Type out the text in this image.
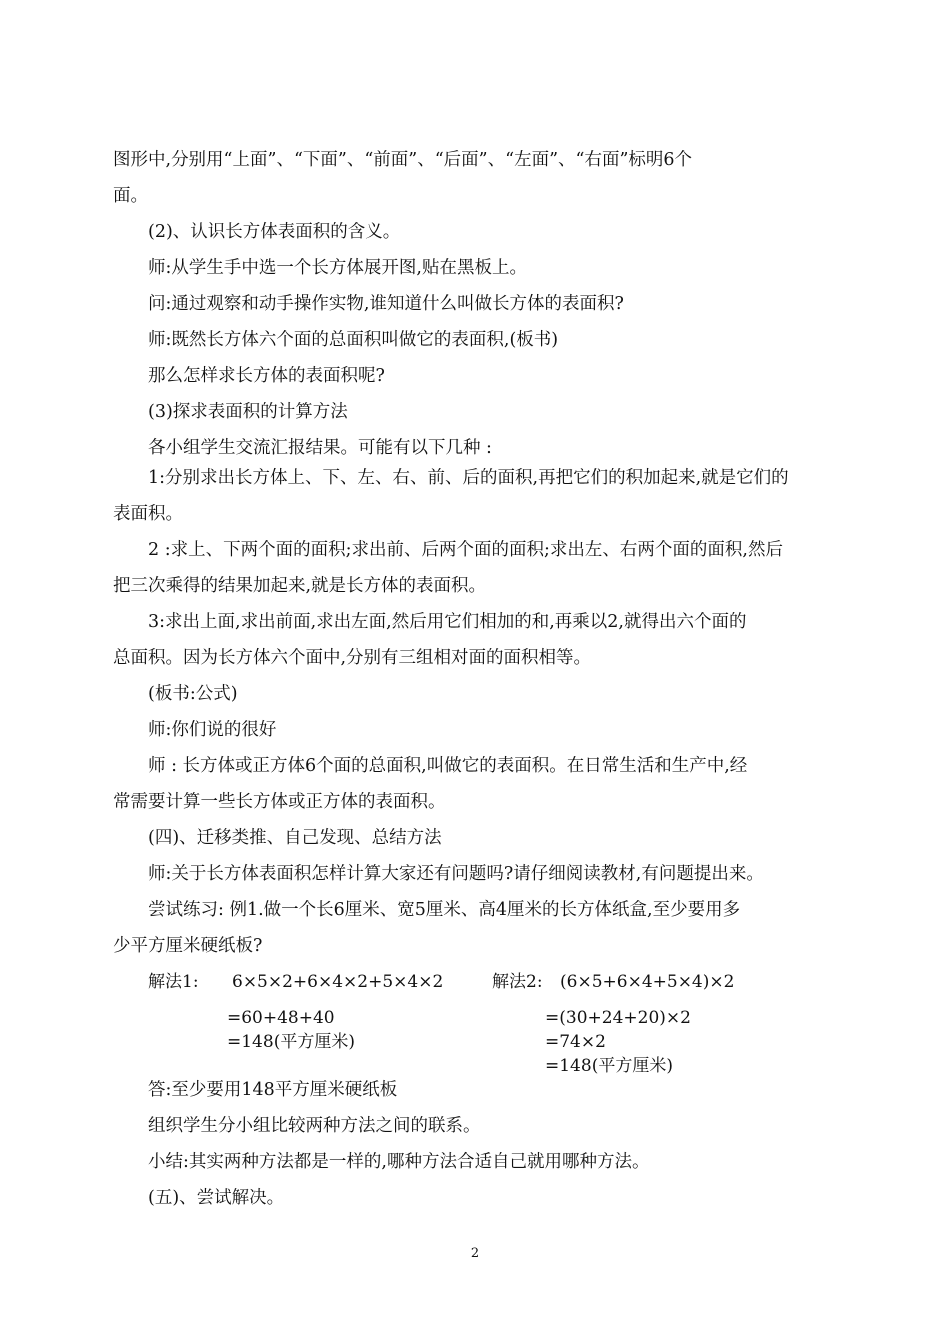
图形中,分别用“上面”、“下面”、“前面”、“后面”、“左面”、“右面”标明6个
面。
(2)、认识长方体表面积的含义。
师:从学生手中选一个长方体展开图,贴在黑板上。
问:通过观察和动手操作实物,谁知道什么叫做长方体的表面积?
师:既然长方体六个面的总面积叫做它的表面积,(板书)
那么怎样求长方体的表面积呢?
(3)探求表面积的计算方法
各小组学生交流汇报结果。可能有以下几种 :
1:分别求出长方体上、下、左、右、前、后的面积,再把它们的积加起来,就是它们的
表面积。
2 :求上、下两个面的面积;求出前、后两个面的面积;求出左、右两个面的面积,然后
把三次乘得的结果加起来,就是长方体的表面积。
3:求出上面,求出前面,求出左面,然后用它们相加的和,再乘以2,就得出六个面的
总面积。因为长方体六个面中,分别有三组相对面的面积相等。
(板书:公式)
师:你们说的很好
师 : 长方体或正方体6个面的总面积,叫做它的表面积。在日常生活和生产中,经
常需要计算一些长方体或正方体的表面积。
(四)、迁移类推、自己发现、总结方法
师:关于长方体表面积怎样计算大家还有问题吗?请仔细阅读教材,有问题提出来。
尝试练习: 例1.做一个长6厘米、宽5厘米、高4厘米的长方体纸盒,至少要用多
少平方厘米硬纸板?
解法1: 6×5×2+6×4×2+5×4×2
=60+48+40
=148(平方厘米)
解法2: (6×5+6×4+5×4)×2
=(30+24+20)×2
=74×2
=148(平方厘米)
答:至少要用148平方厘米硬纸板
组织学生分小组比较两种方法之间的联系。
小结:其实两种方法都是一样的,哪种方法合适自己就用哪种方法。
(五)、尝试解决。
2
